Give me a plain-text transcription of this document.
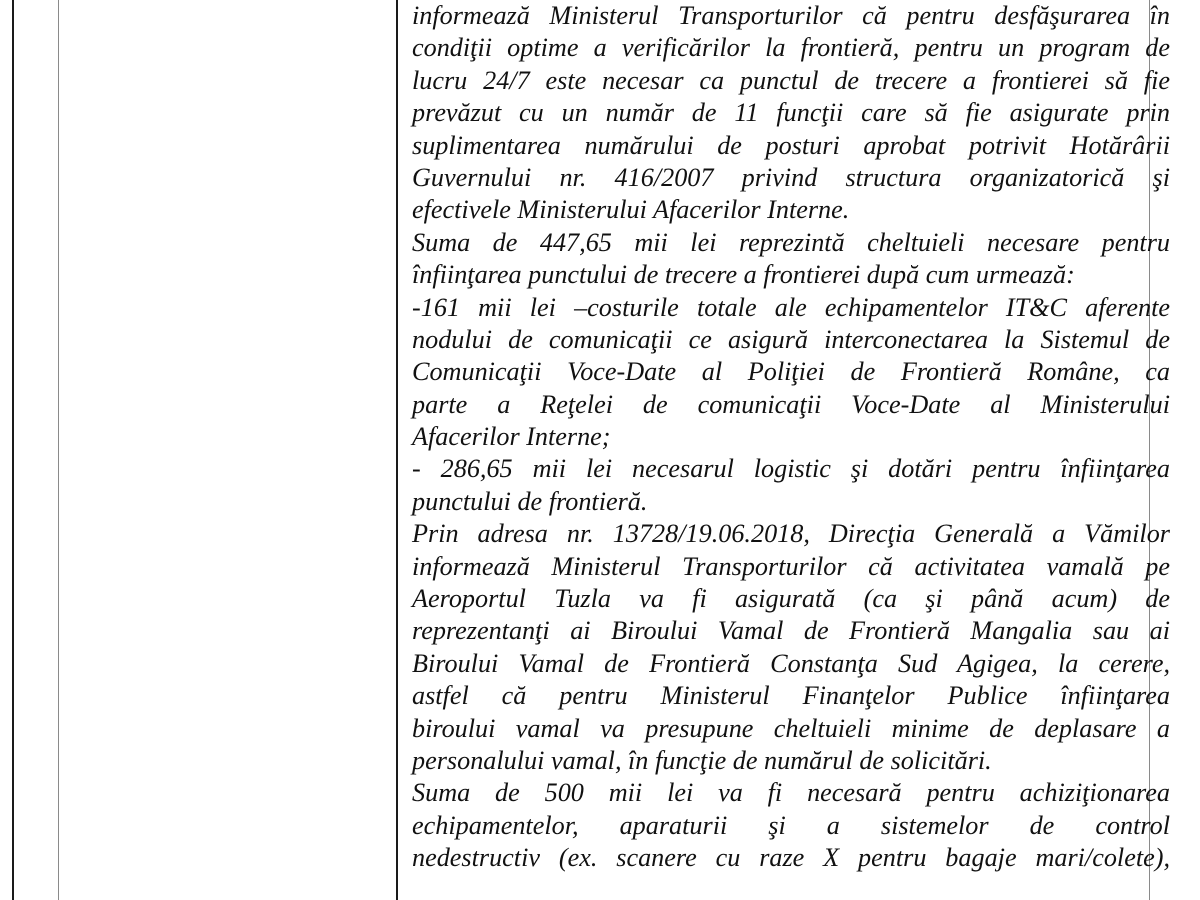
informează Ministerul Transporturilor că pentru desfăşurarea în
condiţii optime a verificărilor la frontieră, pentru un program de
lucru 24/7 este necesar ca punctul de trecere a frontierei să fie
prevăzut cu un număr de 11 funcţii care să fie asigurate prin
suplimentarea numărului de posturi aprobat potrivit Hotărârii
Guvernului nr. 416/2007 privind structura organizatorică şi
efectivele Ministerului Afacerilor Interne.
Suma de 447,65 mii lei reprezintă cheltuieli necesare pentru
înfiinţarea punctului de trecere a frontierei după cum urmează:
-161 mii lei –costurile totale ale echipamentelor IT&C aferente
nodului de comunicaţii ce asigură interconectarea la Sistemul de
Comunicaţii Voce-Date al Poliţiei de Frontieră Române, ca
parte a Reţelei de comunicaţii Voce-Date al Ministerului
Afacerilor Interne;
- 286,65 mii lei necesarul logistic şi dotări pentru înfiinţarea
punctului de frontieră.
Prin adresa nr. 13728/19.06.2018, Direcţia Generală a Vămilor
informează Ministerul Transporturilor că activitatea vamală pe
Aeroportul Tuzla va fi asigurată (ca şi până acum) de
reprezentanţi ai Biroului Vamal de Frontieră Mangalia sau ai
Biroului Vamal de Frontieră Constanţa Sud Agigea, la cerere,
astfel că pentru Ministerul Finanţelor Publice înfiinţarea
biroului vamal va presupune cheltuieli minime de deplasare a
personalului vamal, în funcţie de numărul de solicitări.
Suma de 500 mii lei va fi necesară pentru achiziţionarea
echipamentelor, aparaturii şi a sistemelor de control
nedestructiv (ex. scanere cu raze X pentru bagaje mari/colete),
